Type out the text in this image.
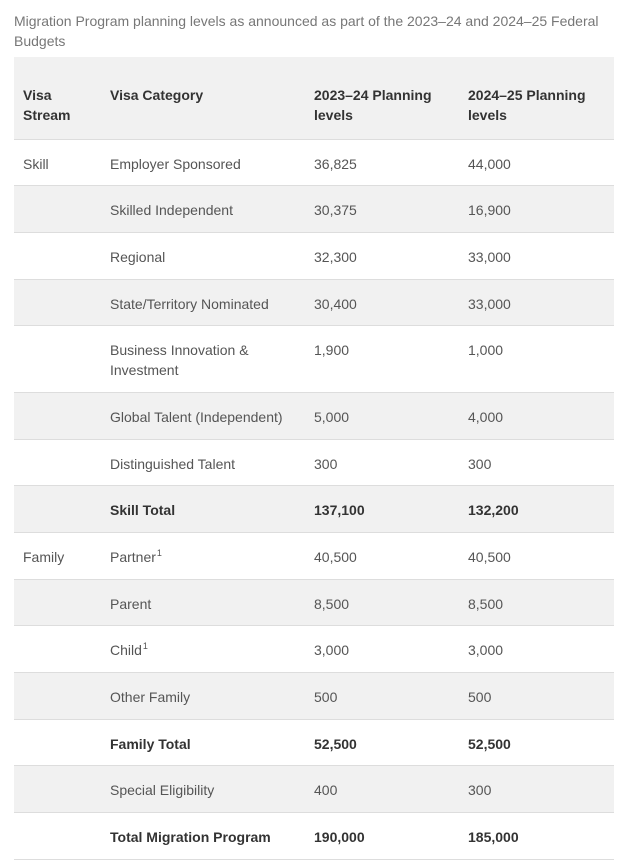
Migration Program planning levels as announced as part of the 2023–24 and 2024–25 Federal Budgets
Visa Stream	Visa Category	2023–24 Planning levels	2024–25 Planning levels
Skill	Employer Sponsored	36,825	44,000
	Skilled Independent	30,375	16,900
	Regional	32,300	33,000
	State/Territory Nominated	30,400	33,000
	Business Innovation & Investment	1,900	1,000
	Global Talent (Independent)	5,000	4,000
	Distinguished Talent	300	300
	Skill Total	137,100	132,200
Family	Partner$^1$	40,500	40,500
	Parent	8,500	8,500
	Child$^1$	3,000	3,000
	Other Family	500	500
	Family Total	52,500	52,500
	Special Eligibility	400	300
	Total Migration Program	190,000	185,000
